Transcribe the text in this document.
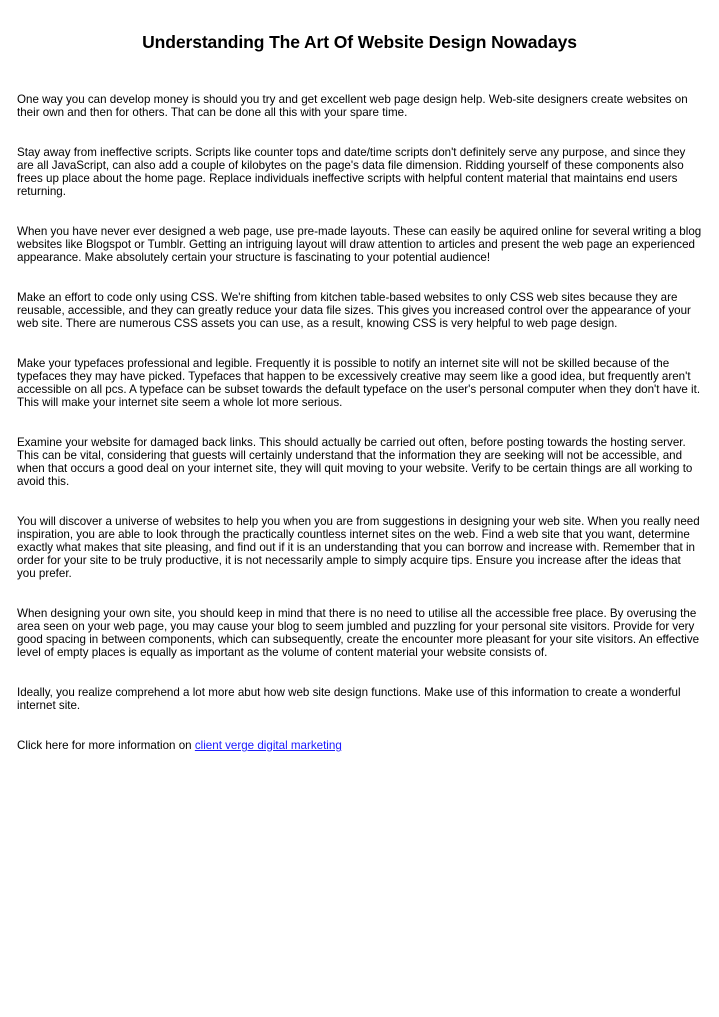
Understanding The Art Of Website Design Nowadays

One way you can develop money is should you try and get excellent web page design help. Web-site designers create websites on their own and then for others. That can be done all this with your spare time.

Stay away from ineffective scripts. Scripts like counter tops and date/time scripts don't definitely serve any purpose, and since they are all JavaScript, can also add a couple of kilobytes on the page's data file dimension. Ridding yourself of these components also frees up place about the home page. Replace individuals ineffective scripts with helpful content material that maintains end users returning.

When you have never ever designed a web page, use pre-made layouts. These can easily be aquired online for several writing a blog websites like Blogspot or Tumblr. Getting an intriguing layout will draw attention to articles and present the web page an experienced appearance. Make absolutely certain your structure is fascinating to your potential audience!

Make an effort to code only using CSS. We're shifting from kitchen table-based websites to only CSS web sites because they are reusable, accessible, and they can greatly reduce your data file sizes. This gives you increased control over the appearance of your web site. There are numerous CSS assets you can use, as a result, knowing CSS is very helpful to web page design.

Make your typefaces professional and legible. Frequently it is possible to notify an internet site will not be skilled because of the typefaces they may have picked. Typefaces that happen to be excessively creative may seem like a good idea, but frequently aren't accessible on all pcs. A typeface can be subset towards the default typeface on the user's personal computer when they don't have it. This will make your internet site seem a whole lot more serious.

Examine your website for damaged back links. This should actually be carried out often, before posting towards the hosting server. This can be vital, considering that guests will certainly understand that the information they are seeking will not be accessible, and when that occurs a good deal on your internet site, they will quit moving to your website. Verify to be certain things are all working to avoid this.

You will discover a universe of websites to help you when you are from suggestions in designing your web site. When you really need inspiration, you are able to look through the practically countless internet sites on the web. Find a web site that you want, determine exactly what makes that site pleasing, and find out if it is an understanding that you can borrow and increase with. Remember that in order for your site to be truly productive, it is not necessarily ample to simply acquire tips. Ensure you increase after the ideas that you prefer.

When designing your own site, you should keep in mind that there is no need to utilise all the accessible free place. By overusing the area seen on your web page, you may cause your blog to seem jumbled and puzzling for your personal site visitors. Provide for very good spacing in between components, which can subsequently, create the encounter more pleasant for your site visitors. An effective level of empty places is equally as important as the volume of content material your website consists of.

Ideally, you realize comprehend a lot more abut how web site design functions. Make use of this information to create a wonderful internet site.

Click here for more information on client verge digital marketing
